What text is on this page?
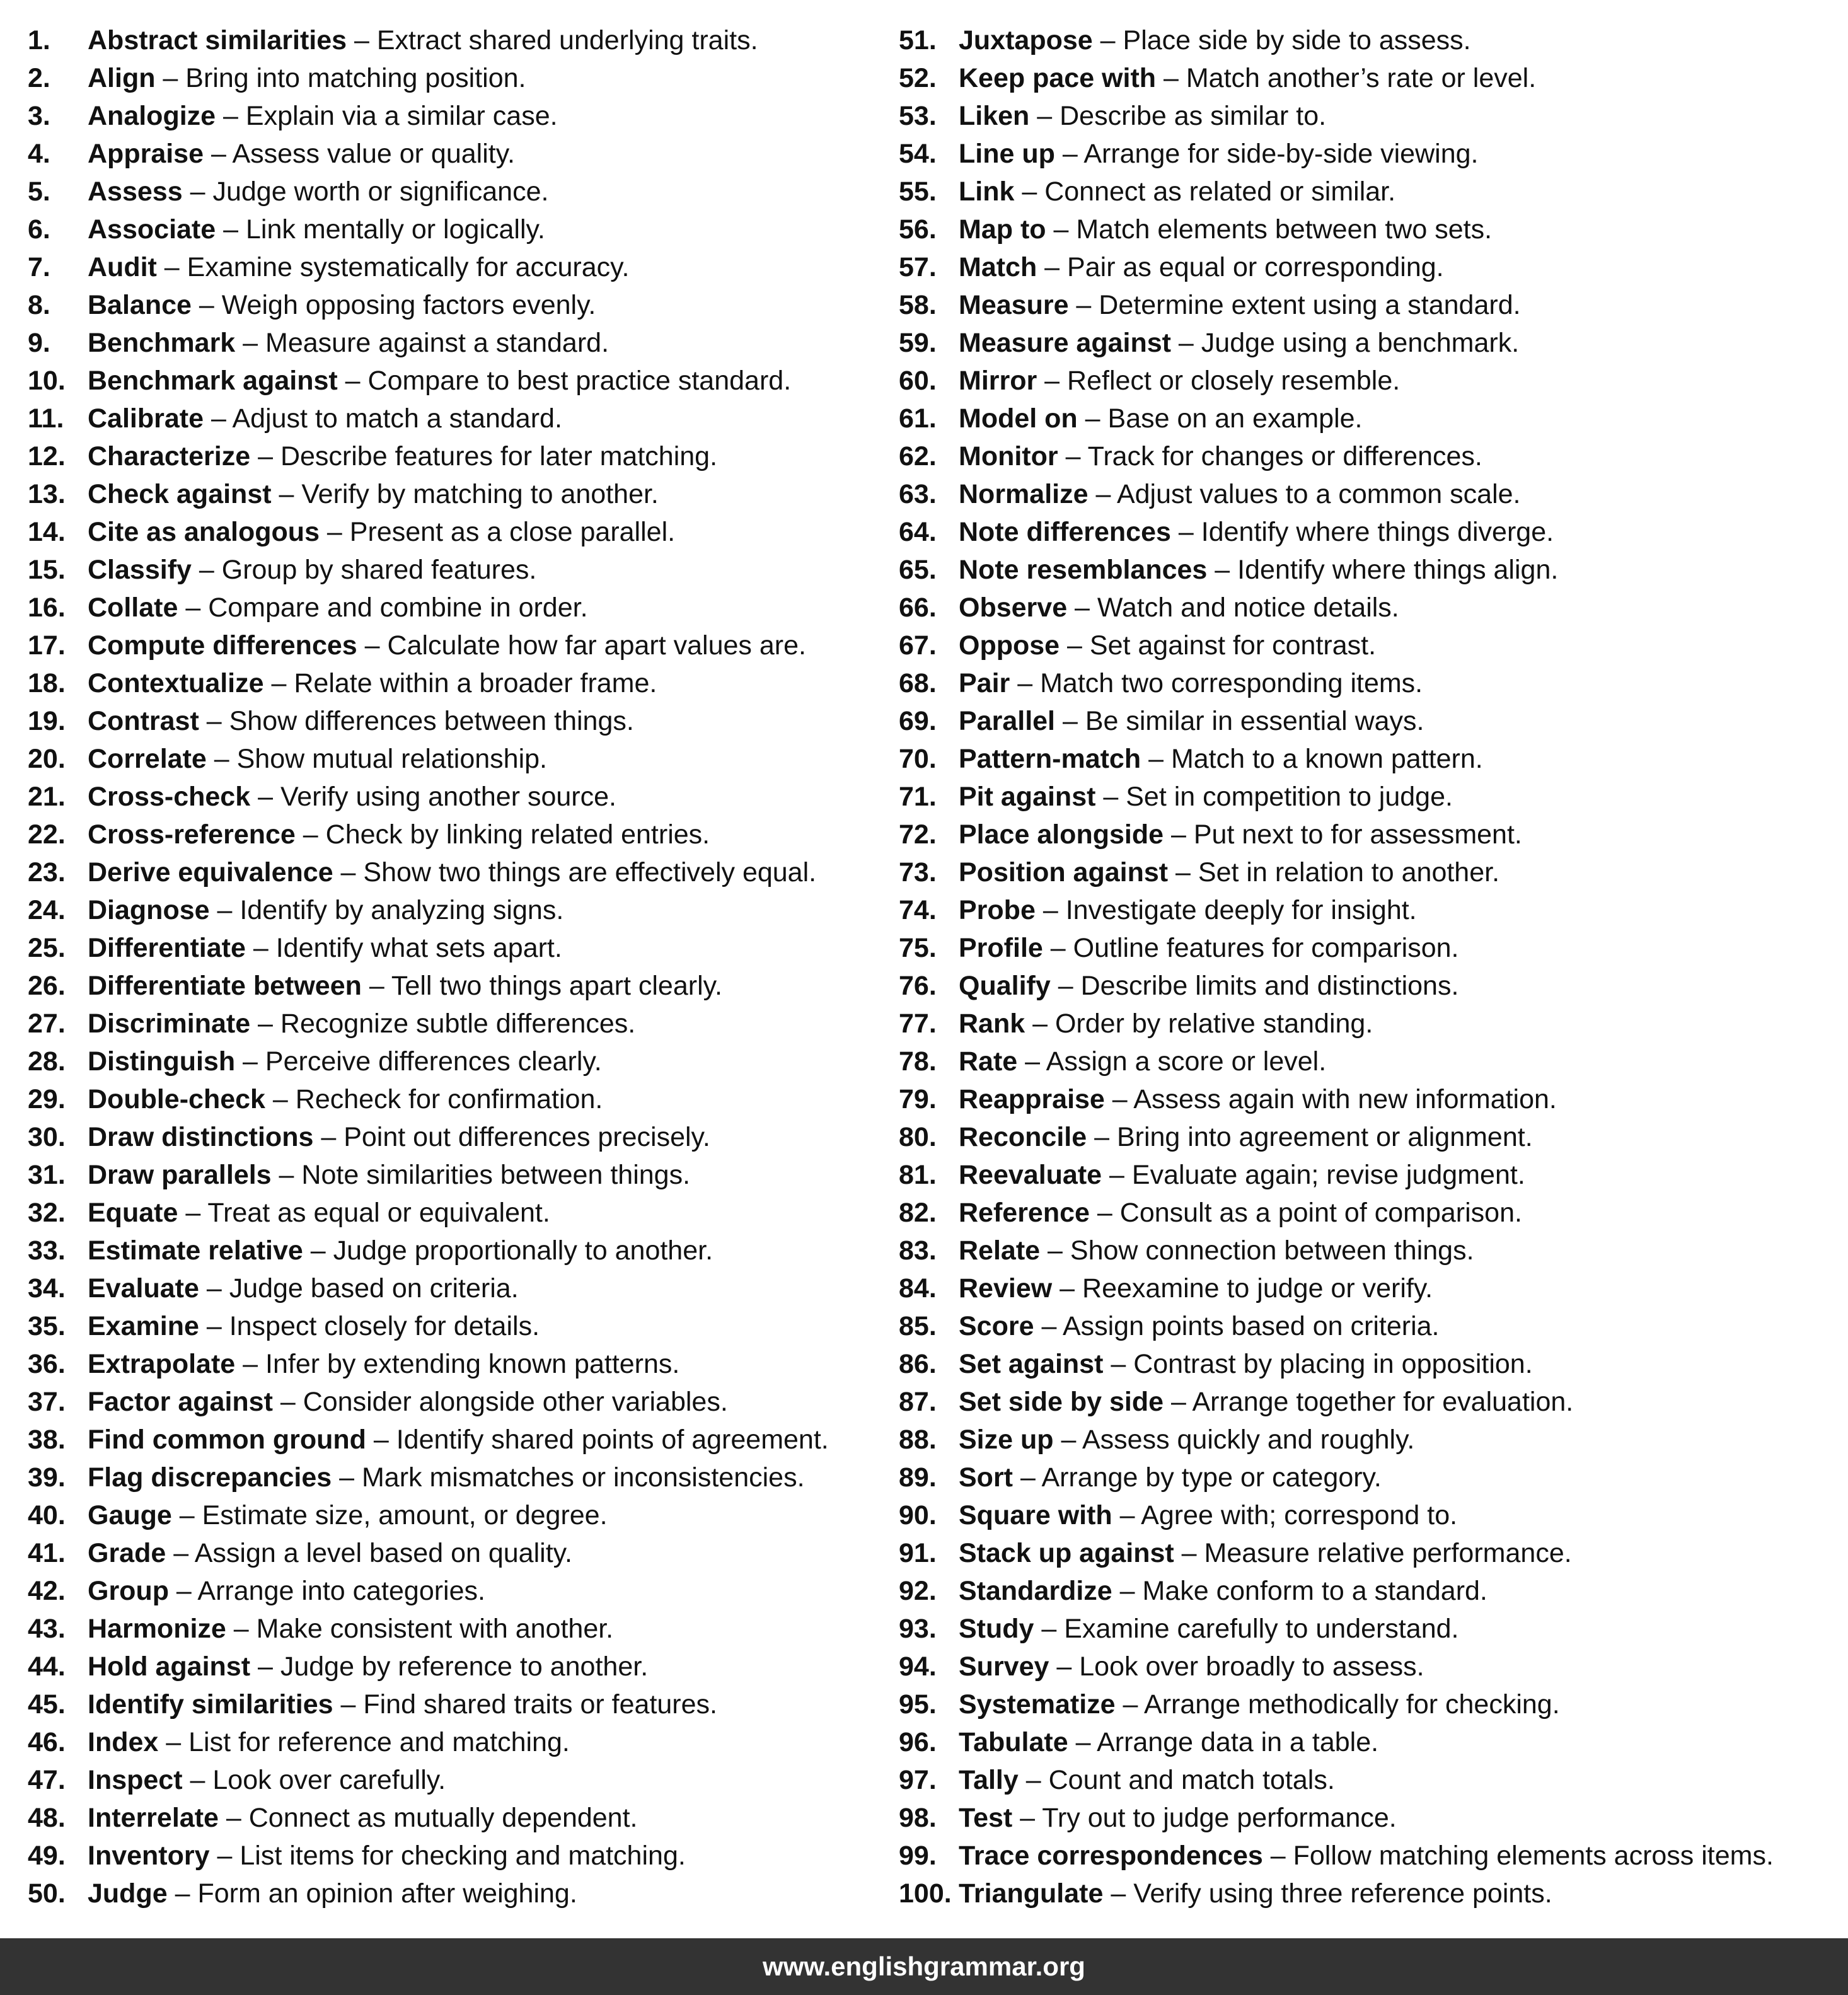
1.	Abstract similarities – Extract shared underlying traits.
2.	Align – Bring into matching position.
3.	Analogize – Explain via a similar case.
4.	Appraise – Assess value or quality.
5.	Assess – Judge worth or significance.
6.	Associate – Link mentally or logically.
7.	Audit – Examine systematically for accuracy.
8.	Balance – Weigh opposing factors evenly.
9.	Benchmark – Measure against a standard.
10. Benchmark against – Compare to best practice standard.
11. Calibrate – Adjust to match a standard.
12. Characterize – Describe features for later matching.
13. Check against – Verify by matching to another.
14. Cite as analogous – Present as a close parallel.
15. Classify – Group by shared features.
16. Collate – Compare and combine in order.
17. Compute differences – Calculate how far apart values are.
18. Contextualize – Relate within a broader frame.
19. Contrast – Show differences between things.
20. Correlate – Show mutual relationship.
21. Cross-check – Verify using another source.
22. Cross-reference – Check by linking related entries.
23. Derive equivalence – Show two things are effectively equal.
24. Diagnose – Identify by analyzing signs.
25. Differentiate – Identify what sets apart.
26. Differentiate between – Tell two things apart clearly.
27. Discriminate – Recognize subtle differences.
28. Distinguish – Perceive differences clearly.
29. Double-check – Recheck for confirmation.
30. Draw distinctions – Point out differences precisely.
31. Draw parallels – Note similarities between things.
32. Equate – Treat as equal or equivalent.
33. Estimate relative – Judge proportionally to another.
34. Evaluate – Judge based on criteria.
35. Examine – Inspect closely for details.
36. Extrapolate – Infer by extending known patterns.
37. Factor against – Consider alongside other variables.
38. Find common ground – Identify shared points of agreement.
39. Flag discrepancies – Mark mismatches or inconsistencies.
40. Gauge – Estimate size, amount, or degree.
41. Grade – Assign a level based on quality.
42. Group – Arrange into categories.
43. Harmonize – Make consistent with another.
44. Hold against – Judge by reference to another.
45. Identify similarities – Find shared traits or features.
46. Index – List for reference and matching.
47. Inspect – Look over carefully.
48. Interrelate – Connect as mutually dependent.
49. Inventory – List items for checking and matching.
50. Judge – Form an opinion after weighing.
51. Juxtapose – Place side by side to assess.
52. Keep pace with – Match another’s rate or level.
53. Liken – Describe as similar to.
54. Line up – Arrange for side-by-side viewing.
55. Link – Connect as related or similar.
56. Map to – Match elements between two sets.
57. Match – Pair as equal or corresponding.
58. Measure – Determine extent using a standard.
59. Measure against – Judge using a benchmark.
60. Mirror – Reflect or closely resemble.
61. Model on – Base on an example.
62. Monitor – Track for changes or differences.
63. Normalize – Adjust values to a common scale.
64. Note differences – Identify where things diverge.
65. Note resemblances – Identify where things align.
66. Observe – Watch and notice details.
67. Oppose – Set against for contrast.
68. Pair – Match two corresponding items.
69. Parallel – Be similar in essential ways.
70. Pattern-match – Match to a known pattern.
71. Pit against – Set in competition to judge.
72. Place alongside – Put next to for assessment.
73. Position against – Set in relation to another.
74. Probe – Investigate deeply for insight.
75. Profile – Outline features for comparison.
76. Qualify – Describe limits and distinctions.
77. Rank – Order by relative standing.
78. Rate – Assign a score or level.
79. Reappraise – Assess again with new information.
80. Reconcile – Bring into agreement or alignment.
81. Reevaluate – Evaluate again; revise judgment.
82. Reference – Consult as a point of comparison.
83. Relate – Show connection between things.
84. Review – Reexamine to judge or verify.
85. Score – Assign points based on criteria.
86. Set against – Contrast by placing in opposition.
87. Set side by side – Arrange together for evaluation.
88. Size up – Assess quickly and roughly.
89. Sort – Arrange by type or category.
90. Square with – Agree with; correspond to.
91. Stack up against – Measure relative performance.
92. Standardize – Make conform to a standard.
93. Study – Examine carefully to understand.
94. Survey – Look over broadly to assess.
95. Systematize – Arrange methodically for checking.
96. Tabulate – Arrange data in a table.
97. Tally – Count and match totals.
98. Test – Try out to judge performance.
99. Trace correspondences – Follow matching elements across items.
100. Triangulate – Verify using three reference points.
www.englishgrammar.org
